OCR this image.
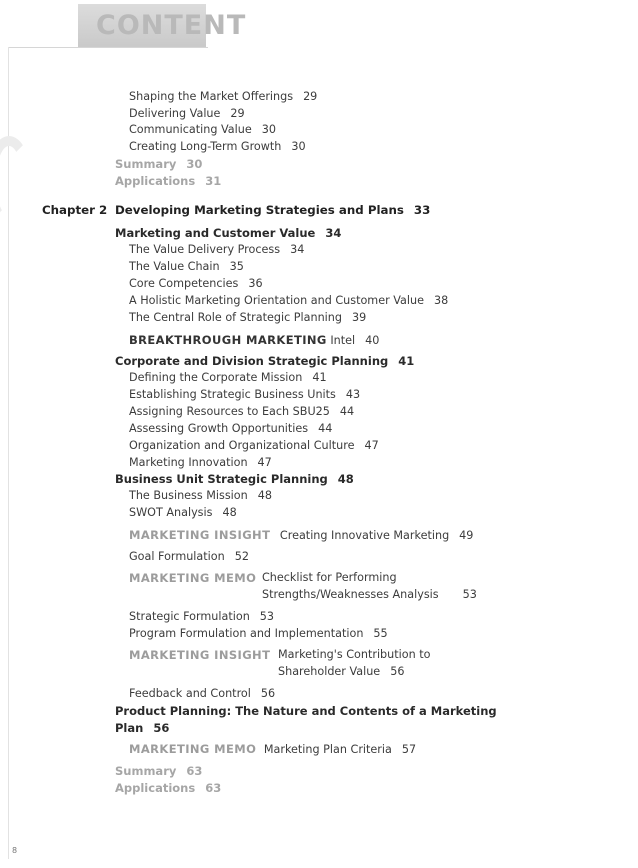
CONTENT
Shaping the Market Offerings 29
Delivering Value 29
Communicating Value 30
Creating Long-Term Growth 30
Summary 30
Applications 31
Chapter 2 Developing Marketing Strategies and Plans 33
Marketing and Customer Value 34
The Value Delivery Process 34
The Value Chain 35
Core Competencies 36
A Holistic Marketing Orientation and Customer Value 38
The Central Role of Strategic Planning 39
BREAKTHROUGH MARKETING Intel 40
Corporate and Division Strategic Planning 41
Defining the Corporate Mission 41
Establishing Strategic Business Units 43
Assigning Resources to Each SBU25 44
Assessing Growth Opportunities 44
Organization and Organizational Culture 47
Marketing Innovation 47
Business Unit Strategic Planning 48
The Business Mission 48
SWOT Analysis 48
MARKETING INSIGHT Creating Innovative Marketing 49
Goal Formulation 52
MARKETING MEMO Checklist for Performing
Strengths/Weaknesses Analysis 53
Strategic Formulation 53
Program Formulation and Implementation 55
MARKETING INSIGHT Marketing's Contribution to
Shareholder Value 56
Feedback and Control 56
Product Planning: The Nature and Contents of a Marketing
Plan 56
MARKETING MEMO Marketing Plan Criteria 57
Summary 63
Applications 63
8
